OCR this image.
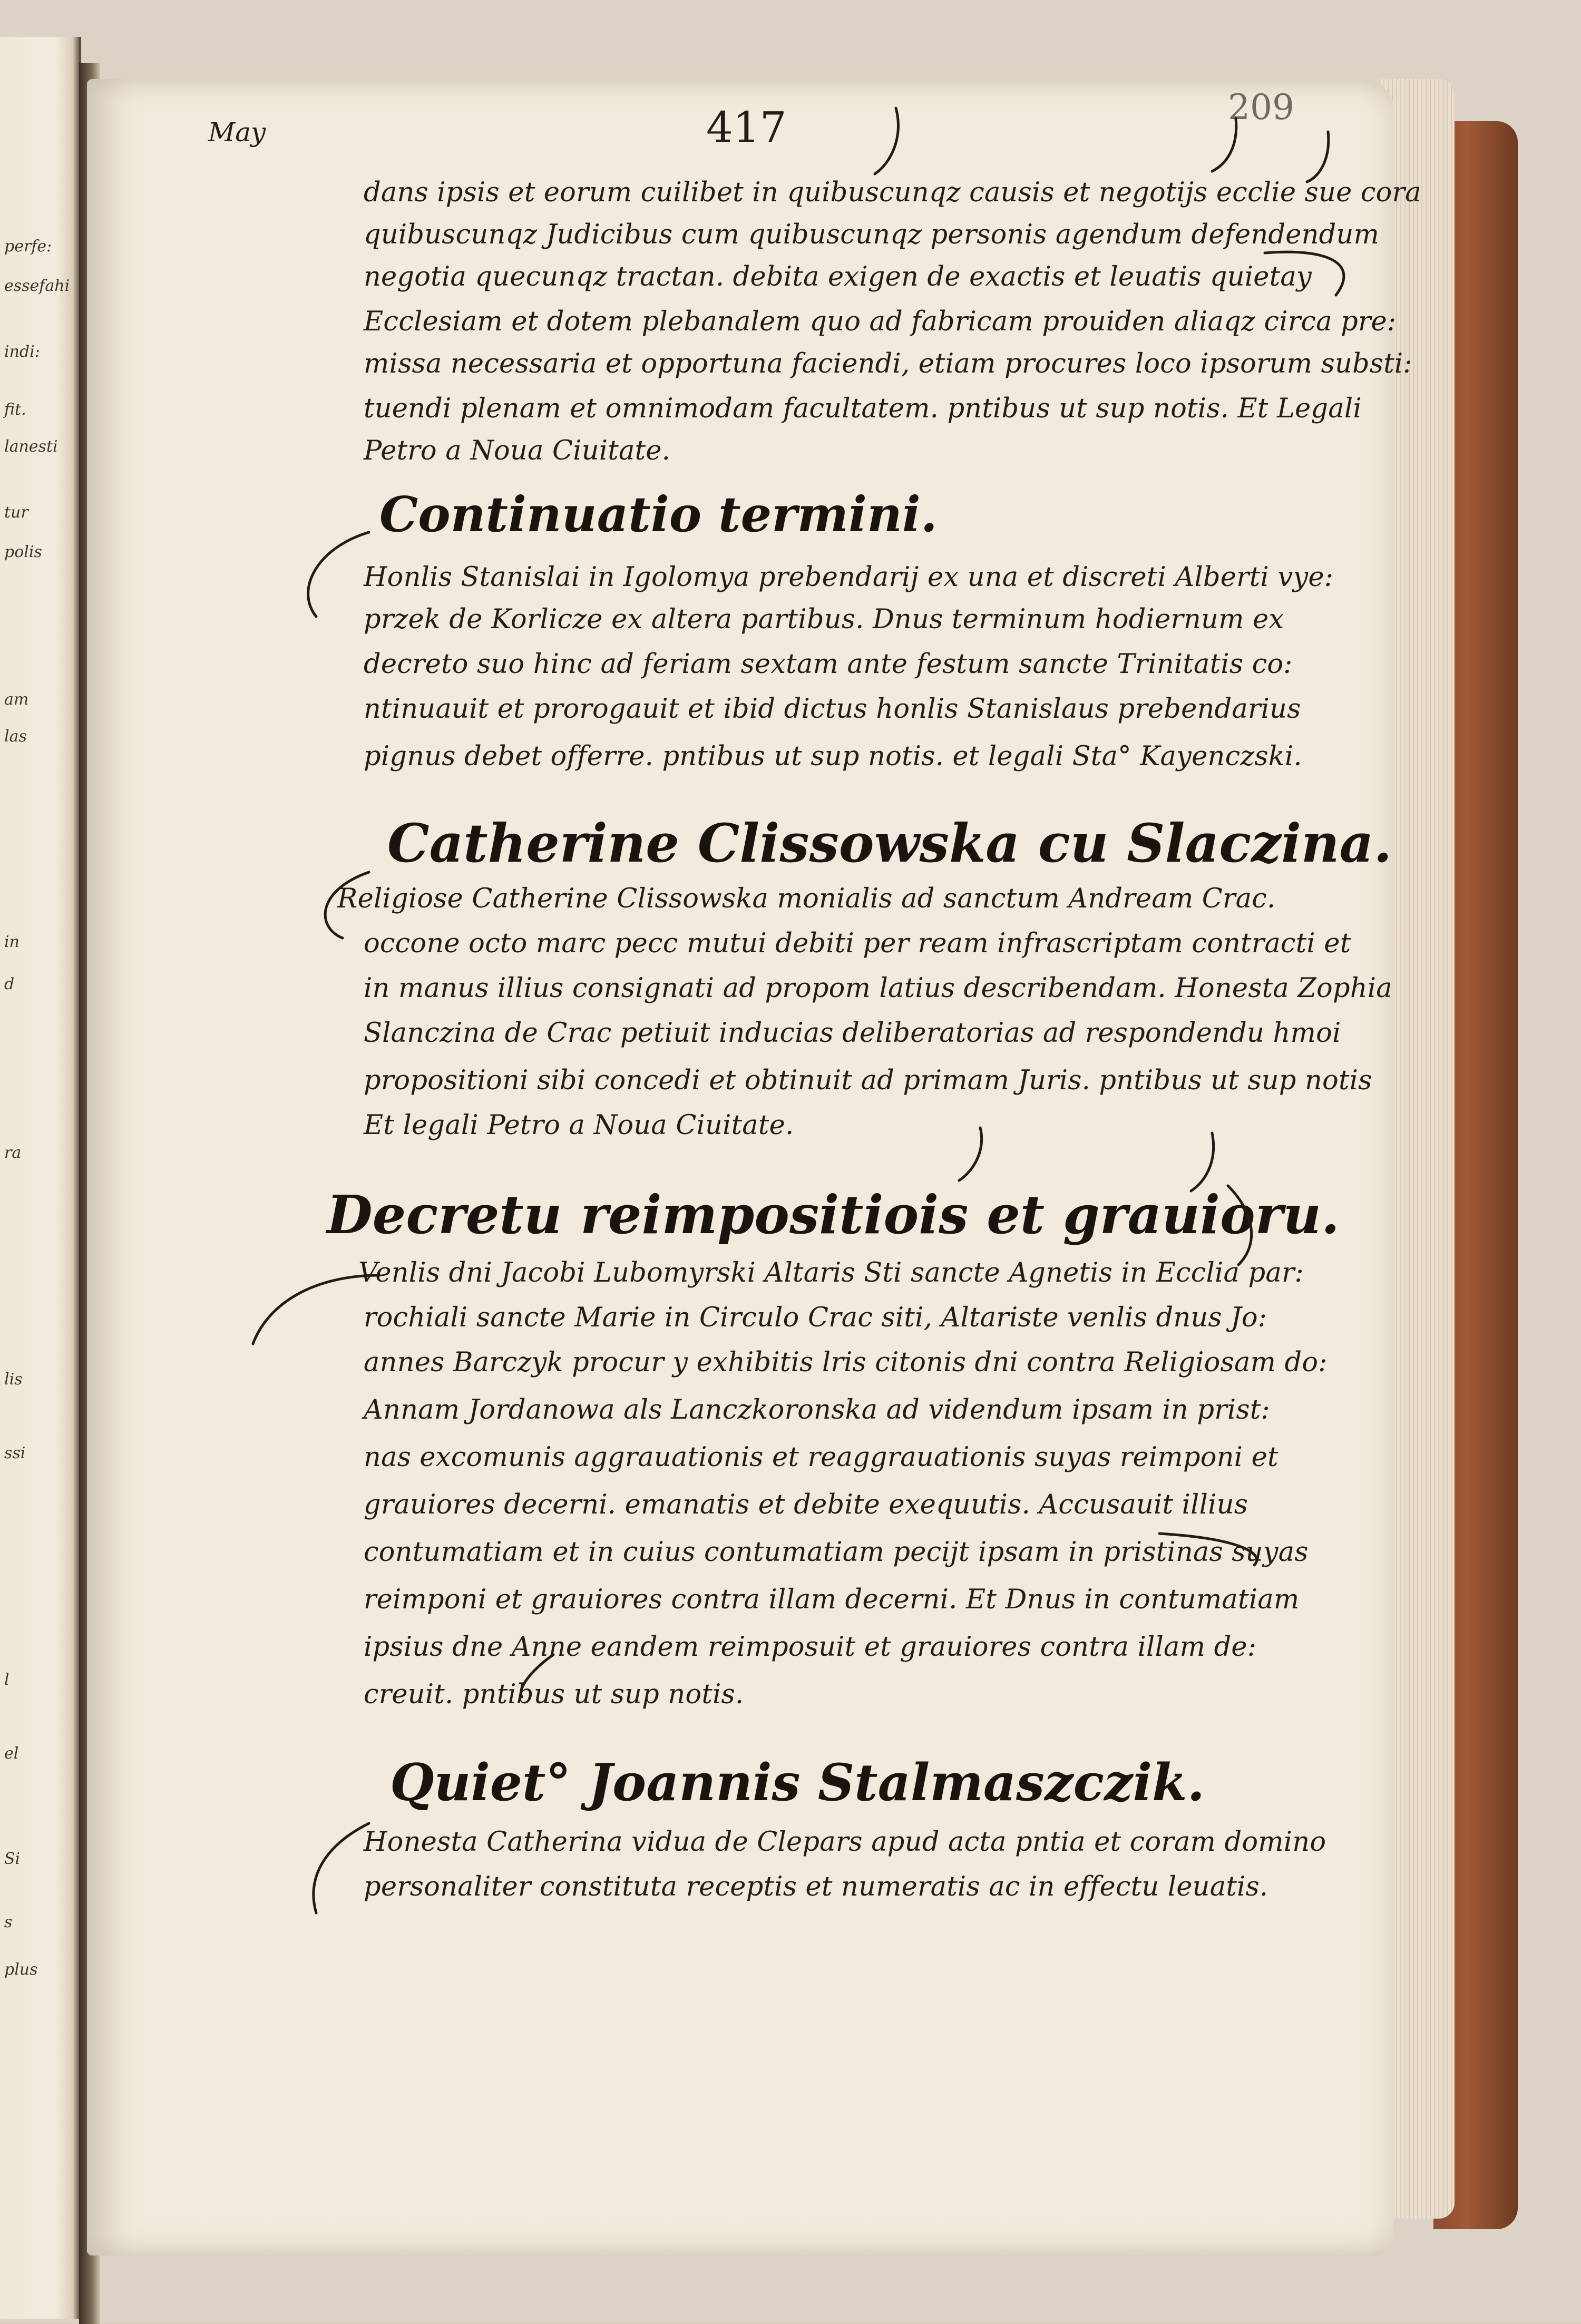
perfe:
essefahi
indi:
fit.
lanesti
tur
polis
am
las
in
d
ra
lis
ssi
l
el
Si
s
plus
May	417	209
dans ipsis et eorum cuilibet in quibuscunqz causis et negotijs ecclie sue cora
quibuscunqz Judicibus cum quibuscunqz personis agendum defendendum
negotia quecunqz tractan. debita exigen de exactis et leuatis quietay
Ecclesiam et dotem plebanalem quo ad fabricam prouiden aliaqz circa pre:
missa necessaria et opportuna faciendi, etiam procures loco ipsorum substi:
tuendi plenam et omnimodam facultatem. pntibus ut sup notis. Et Legali
Petro a Noua Ciuitate.
Continuatio termini.
Honlis Stanislai in Igolomya prebendarij ex una et discreti Alberti vye:
przek de Korlicze ex altera partibus. Dnus terminum hodiernum ex
decreto suo hinc ad feriam sextam ante festum sancte Trinitatis co:
ntinuauit et prorogauit et ibid dictus honlis Stanislaus prebendarius
pignus debet offerre. pntibus ut sup notis. et legali Sta° Kayenczski.
Catherine Clissowska cu Slaczina.
Religiose Catherine Clissowska monialis ad sanctum Andream Crac.
occone octo marc pecc mutui debiti per ream infrascriptam contracti et
in manus illius consignati ad propom latius describendam. Honesta Zophia
Slanczina de Crac petiuit inducias deliberatorias ad respondendu hmoi
propositioni sibi concedi et obtinuit ad primam Juris. pntibus ut sup notis
Et legali Petro a Noua Ciuitate.
Decretu reimpositiois et grauioru.
Venlis dni Jacobi Lubomyrski Altaris Sti sancte Agnetis in Ecclia par:
rochiali sancte Marie in Circulo Crac siti, Altariste venlis dnus Jo:
annes Barczyk procur y exhibitis lris citonis dni contra Religiosam do:
Annam Jordanowa als Lanczkoronska ad videndum ipsam in prist:
nas excomunis aggrauationis et reaggrauationis suyas reimponi et
grauiores decerni. emanatis et debite exequutis. Accusauit illius
contumatiam et in cuius contumatiam pecijt ipsam in pristinas suyas
reimponi et grauiores contra illam decerni. Et Dnus in contumatiam
ipsius dne Anne eandem reimposuit et grauiores contra illam de:
creuit. pntibus ut sup notis.
Quiet° Joannis Stalmaszczik.
Honesta Catherina vidua de Clepars apud acta pntia et coram domino
personaliter constituta receptis et numeratis ac in effectu leuatis.
